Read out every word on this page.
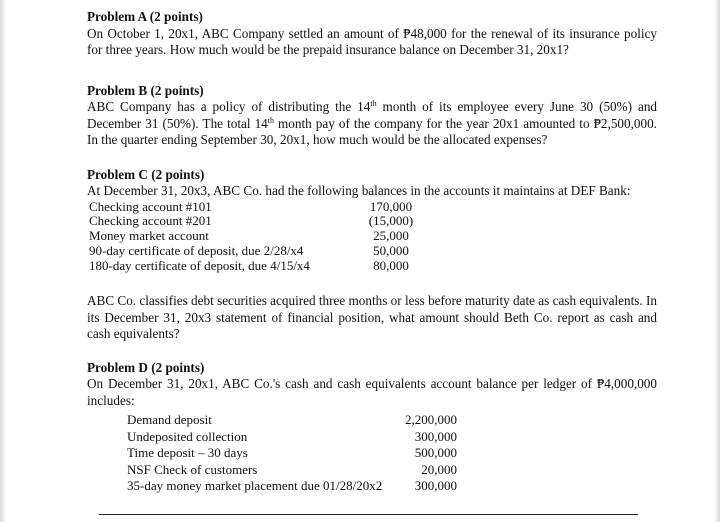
Problem A (2 points)
On October 1, 20x1, ABC Company settled an amount of ₱48,000 for the renewal of its insurance policy for three years. How much would be the prepaid insurance balance on December 31, 20x1?
Problem B (2 points)
ABC Company has a policy of distributing the 14th month of its employee every June 30 (50%) and December 31 (50%). The total 14th month pay of the company for the year 20x1 amounted to ₱2,500,000. In the quarter ending September 30, 20x1, how much would be the allocated expenses?
Problem C (2 points)
At December 31, 20x3, ABC Co. had the following balances in the accounts it maintains at DEF Bank:
Checking account #101	170,000
Checking account #201	(15,000)
Money market account	25,000
90-day certificate of deposit, due 2/28/x4	50,000
180-day certificate of deposit, due 4/15/x4	80,000
ABC Co. classifies debt securities acquired three months or less before maturity date as cash equivalents. In its December 31, 20x3 statement of financial position, what amount should Beth Co. report as cash and cash equivalents?
Problem D (2 points)
On December 31, 20x1, ABC Co.'s cash and cash equivalents account balance per ledger of ₱4,000,000 includes:
Demand deposit	2,200,000
Undeposited collection	300,000
Time deposit – 30 days	500,000
NSF Check of customers	20,000
35-day money market placement due 01/28/20x2	300,000
